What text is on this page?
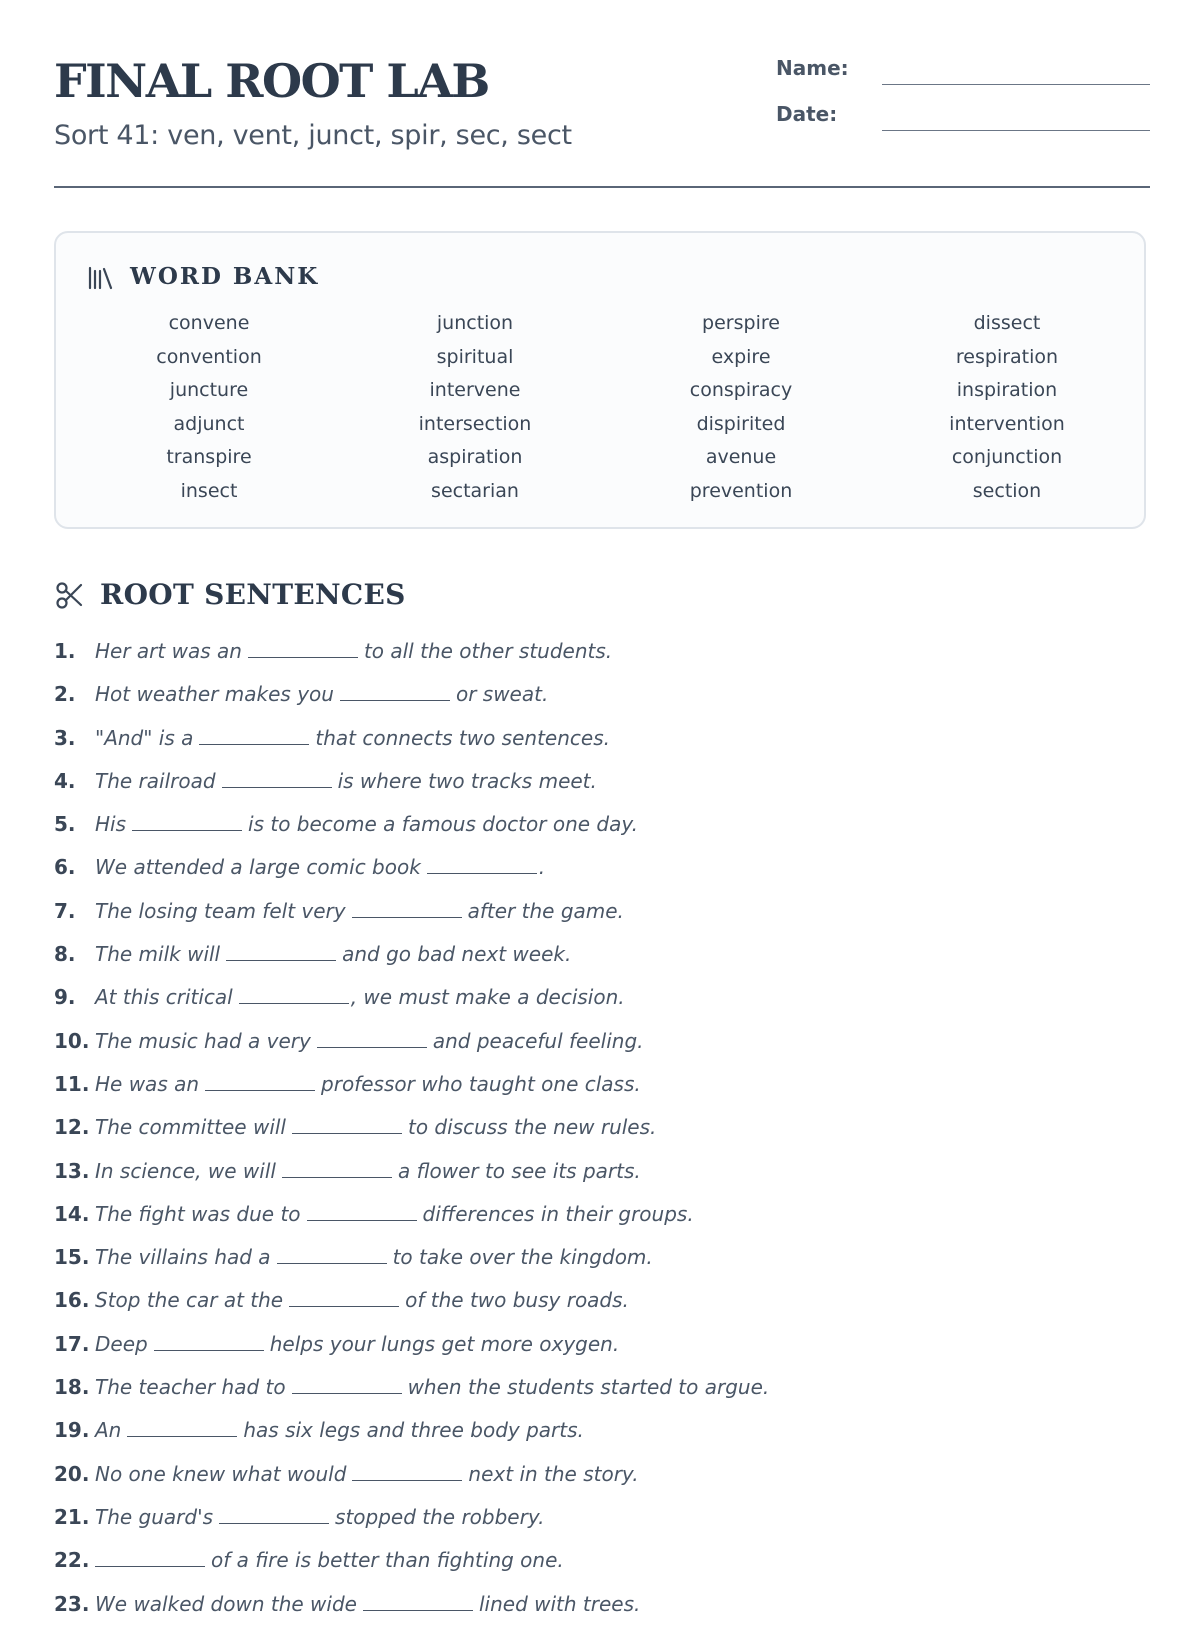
FINAL ROOT LAB
Sort 41: ven, vent, junct, spir, sec, sect
Name:
Date:
WORD BANK
convene	junction	perspire	dissect
convention	spiritual	expire	respiration
juncture	intervene	conspiracy	inspiration
adjunct	intersection	dispirited	intervention
transpire	aspiration	avenue	conjunction
insect	sectarian	prevention	section
ROOT SENTENCES
1. Her art was an	to all the other students.
2. Hot weather makes you	or sweat.
3. "And" is a	that connects two sentences.
4. The railroad	is where two tracks meet.
5. His	is to become a famous doctor one day.
6. We attended a large comic book	.
7. The losing team felt very	after the game.
8. The milk will	and go bad next week.
9. At this critical	, we must make a decision.
10. The music had a very	and peaceful feeling.
11. He was an	professor who taught one class.
12. The committee will	to discuss the new rules.
13. In science, we will	a flower to see its parts.
14. The fight was due to	differences in their groups.
15. The villains had a	to take over the kingdom.
16. Stop the car at the	of the two busy roads.
17. Deep	helps your lungs get more oxygen.
18. The teacher had to	when the students started to argue.
19. An	has six legs and three body parts.
20. No one knew what would	next in the story.
21. The guard's	stopped the robbery.
22.	of a fire is better than fighting one.
23. We walked down the wide	lined with trees.
